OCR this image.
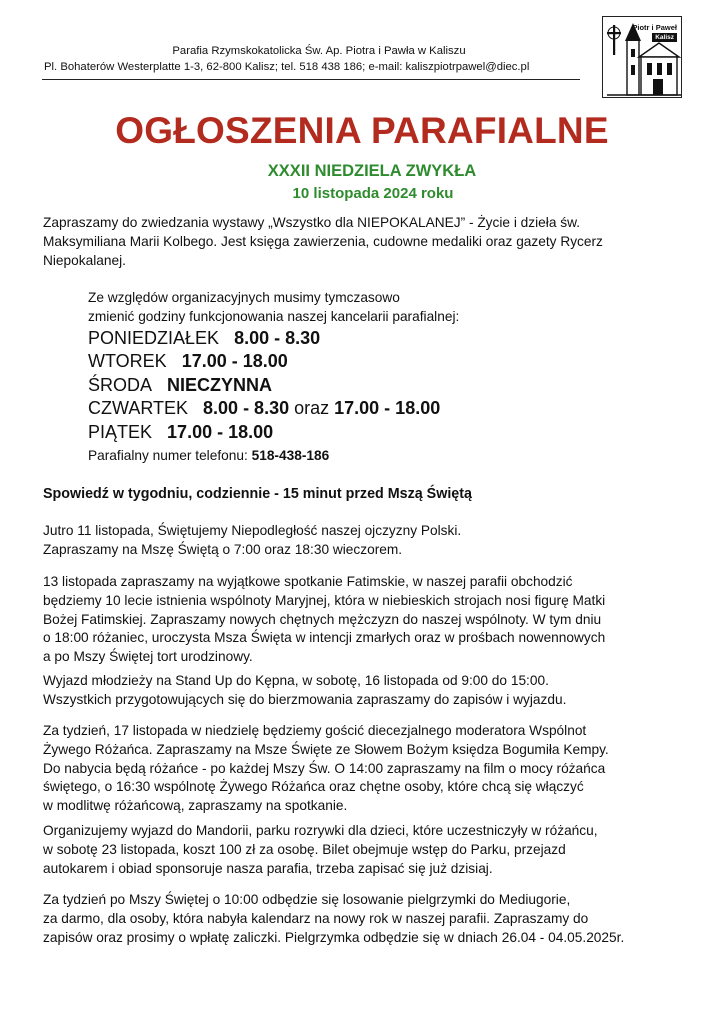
Parafia Rzymskokatolicka Św. Ap. Piotra i Pawła w Kaliszu
Pl. Bohaterów Westerplatte 1-3, 62-800 Kalisz; tel. 518 438 186; e-mail: kaliszpiotrpawel@diec.pl
Piotr i Paweł
Kalisz
OGŁOSZENIA PARAFIALNE
XXXII NIEDZIELA ZWYKŁA
10 listopada 2024 roku
Zapraszamy do zwiedzania wystawy „Wszystko dla NIEPOKALANEJ” - Życie i dzieła św.
Maksymiliana Marii Kolbego. Jest księga zawierzenia, cudowne medaliki oraz gazety Rycerz
Niepokalanej.
Ze względów organizacyjnych musimy tymczasowo
zmienić godziny funkcjonowania naszej kancelarii parafialnej:
PONIEDZIAŁEK 8.00 - 8.30
WTOREK 17.00 - 18.00
ŚRODA NIECZYNNA
CZWARTEK 8.00 - 8.30 oraz 17.00 - 18.00
PIĄTEK 17.00 - 18.00
Parafialny numer telefonu: 518-438-186
Spowiedź w tygodniu, codziennie - 15 minut przed Mszą Świętą
Jutro 11 listopada, Świętujemy Niepodległość naszej ojczyzny Polski.
Zapraszamy na Mszę Świętą o 7:00 oraz 18:30 wieczorem.
13 listopada zapraszamy na wyjątkowe spotkanie Fatimskie, w naszej parafii obchodzić
będziemy 10 lecie istnienia wspólnoty Maryjnej, która w niebieskich strojach nosi figurę Matki
Bożej Fatimskiej. Zapraszamy nowych chętnych mężczyzn do naszej wspólnoty. W tym dniu
o 18:00 różaniec, uroczysta Msza Święta w intencji zmarłych oraz w prośbach nowennowych
a po Mszy Świętej tort urodzinowy.
Wyjazd młodzieży na Stand Up do Kępna, w sobotę, 16 listopada od 9:00 do 15:00.
Wszystkich przygotowujących się do bierzmowania zapraszamy do zapisów i wyjazdu.
Za tydzień, 17 listopada w niedzielę będziemy gościć diecezjalnego moderatora Wspólnot
Żywego Różańca. Zapraszamy na Msze Święte ze Słowem Bożym księdza Bogumiła Kempy.
Do nabycia będą różańce - po każdej Mszy Św. O 14:00 zapraszamy na film o mocy różańca
świętego, o 16:30 wspólnotę Żywego Różańca oraz chętne osoby, które chcą się włączyć
w modlitwę różańcową, zapraszamy na spotkanie.
Organizujemy wyjazd do Mandorii, parku rozrywki dla dzieci, które uczestniczyły w różańcu,
w sobotę 23 listopada, koszt 100 zł za osobę. Bilet obejmuje wstęp do Parku, przejazd
autokarem i obiad sponsoruje nasza parafia, trzeba zapisać się już dzisiaj.
Za tydzień po Mszy Świętej o 10:00 odbędzie się losowanie pielgrzymki do Mediugorie,
za darmo, dla osoby, która nabyła kalendarz na nowy rok w naszej parafii. Zapraszamy do
zapisów oraz prosimy o wpłatę zaliczki. Pielgrzymka odbędzie się w dniach 26.04 - 04.05.2025r.
